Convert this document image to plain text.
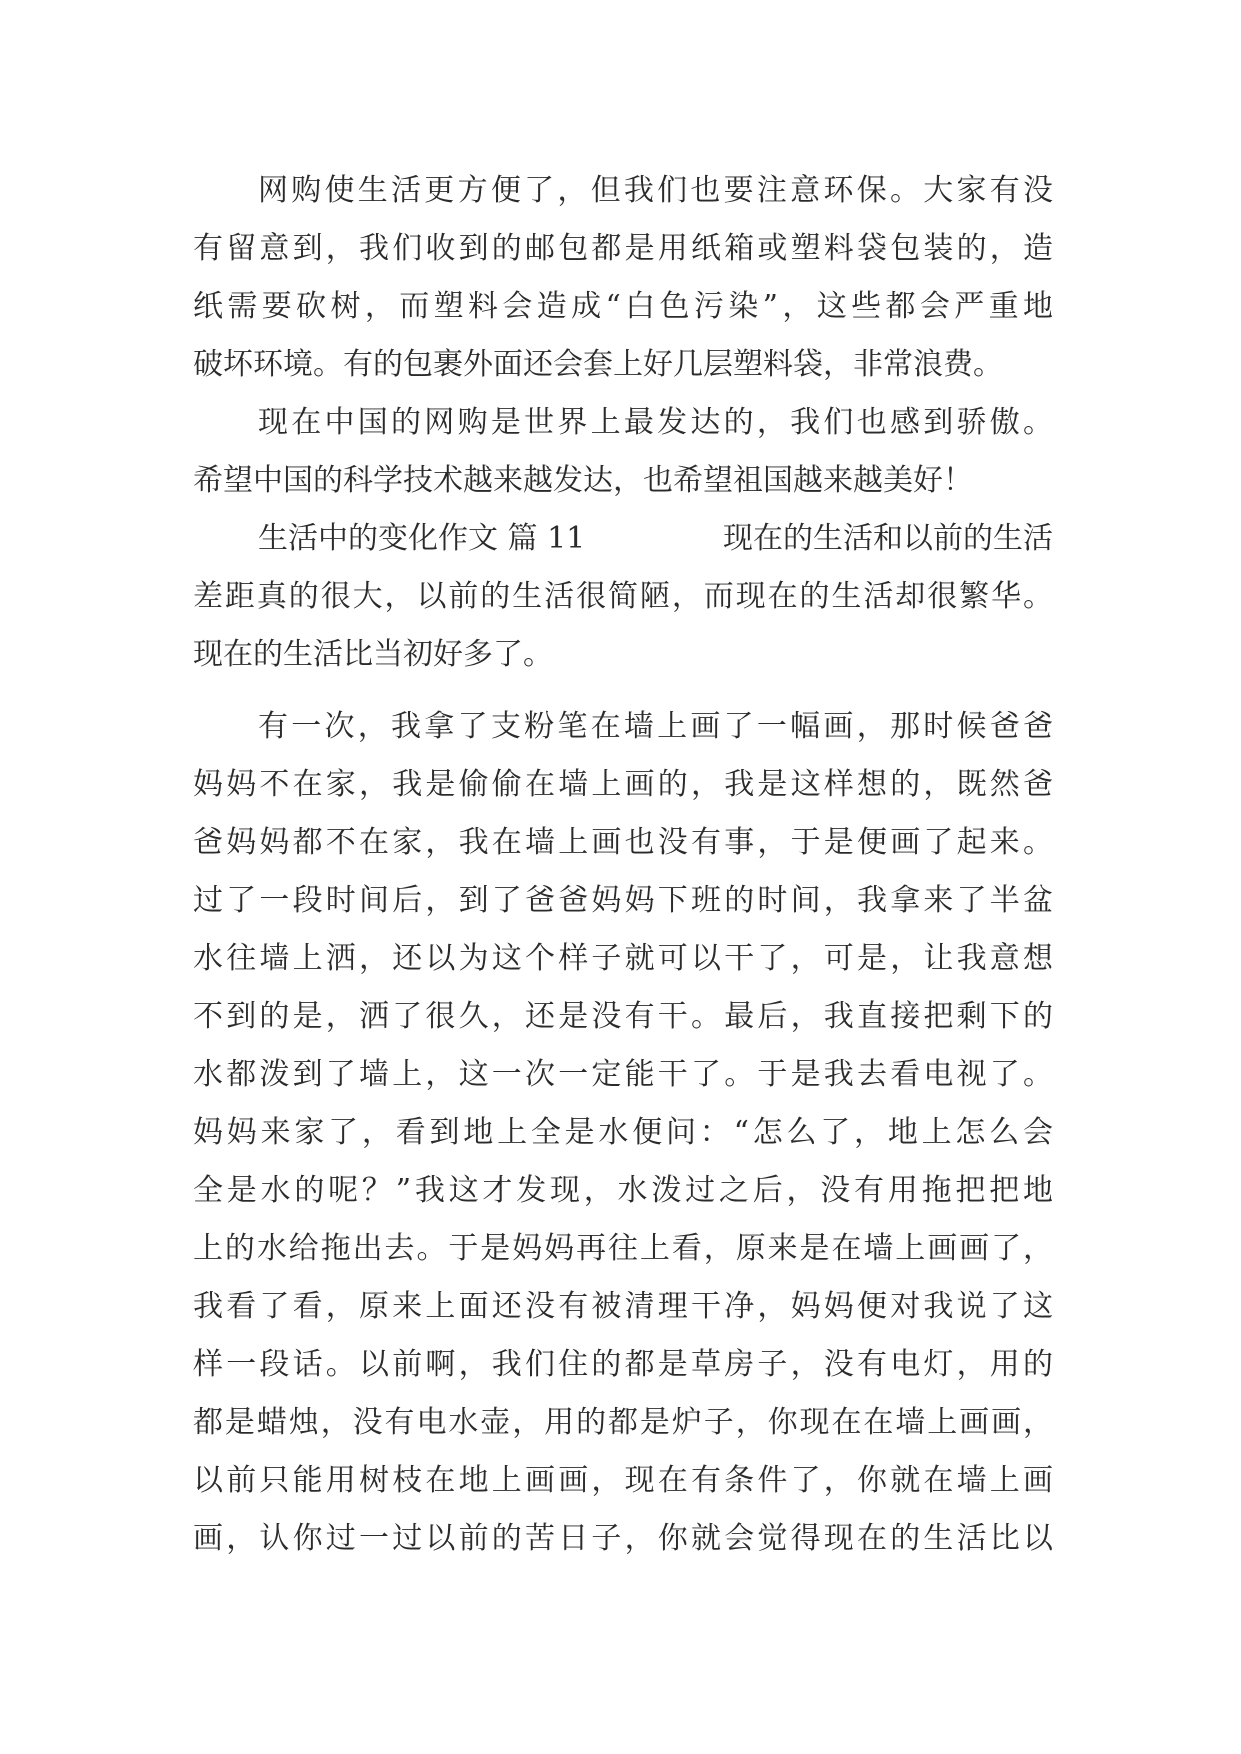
网购使生活更方便了，但我们也要注意环保。大家有没
有留意到，我们收到的邮包都是用纸箱或塑料袋包装的，造
纸需要砍树，而塑料会造成“白色污染”，这些都会严重地
破坏环境。有的包裹外面还会套上好几层塑料袋，非常浪费。
现在中国的网购是世界上最发达的，我们也感到骄傲。
希望中国的科学技术越来越发达，也希望祖国越来越美好！
生活中的变化作文 篇 11	现在的生活和以前的生活
差距真的很大，以前的生活很简陋，而现在的生活却很繁华。
现在的生活比当初好多了。
有一次，我拿了支粉笔在墙上画了一幅画，那时候爸爸
妈妈不在家，我是偷偷在墙上画的，我是这样想的，既然爸
爸妈妈都不在家，我在墙上画也没有事，于是便画了起来。
过了一段时间后，到了爸爸妈妈下班的时间，我拿来了半盆
水往墙上洒，还以为这个样子就可以干了，可是，让我意想
不到的是，洒了很久，还是没有干。最后，我直接把剩下的
水都泼到了墙上，这一次一定能干了。于是我去看电视了。
妈妈来家了，看到地上全是水便问：“怎么了，地上怎么会
全是水的呢？”我这才发现，水泼过之后，没有用拖把把地
上的水给拖出去。于是妈妈再往上看，原来是在墙上画画了，
我看了看，原来上面还没有被清理干净，妈妈便对我说了这
样一段话。以前啊，我们住的都是草房子，没有电灯，用的
都是蜡烛，没有电水壶，用的都是炉子，你现在在墙上画画，
以前只能用树枝在地上画画，现在有条件了，你就在墙上画
画，认你过一过以前的苦日子，你就会觉得现在的生活比以
